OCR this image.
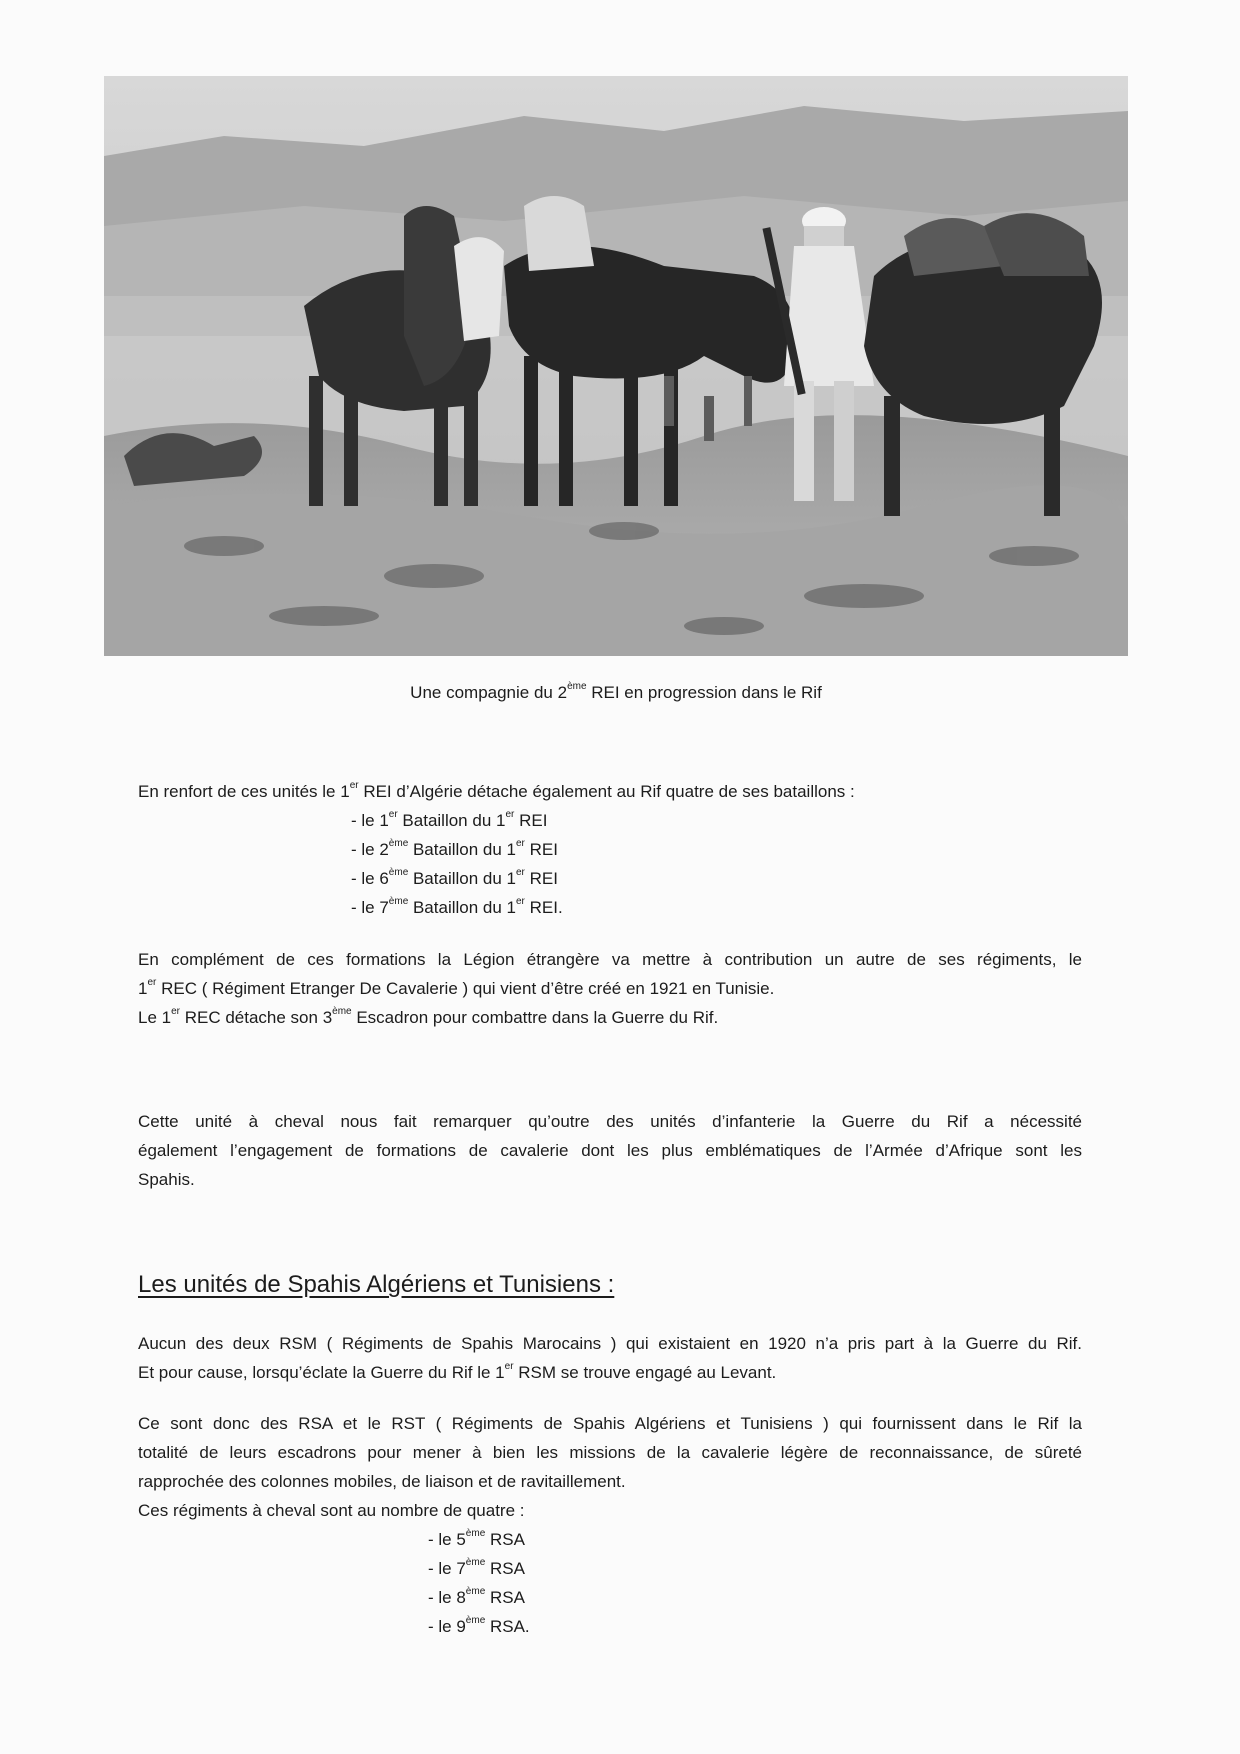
Une compagnie du 2ème REI en progression dans le Rif
En renfort de ces unités le 1er REI d’Algérie détache également au Rif quatre de ses bataillons :
- le 1er Bataillon du 1er REI
- le 2ème Bataillon du 1er REI
- le 6ème Bataillon du 1er REI
- le 7ème Bataillon du 1er REI.
En complément de ces formations la Légion étrangère va mettre à contribution un autre de ses régiments, le
1er REC ( Régiment Etranger De Cavalerie ) qui vient d’être créé en 1921 en Tunisie.
Le 1er REC détache son 3ème Escadron pour combattre dans la Guerre du Rif.
Cette unité à cheval nous fait remarquer qu’outre des unités d’infanterie la Guerre du Rif a nécessité
également l’engagement de formations de cavalerie dont les plus emblématiques de l’Armée d’Afrique sont les
Spahis.
Les unités de Spahis Algériens et Tunisiens :
Aucun des deux RSM ( Régiments de Spahis Marocains ) qui existaient en 1920 n’a pris part à la Guerre du Rif.
Et pour cause, lorsqu’éclate la Guerre du Rif le 1er RSM se trouve engagé au Levant.
Ce sont donc des RSA et le RST ( Régiments de Spahis Algériens et Tunisiens ) qui fournissent dans le Rif la
totalité de leurs escadrons pour mener à bien les missions de la cavalerie légère de reconnaissance, de sûreté
rapprochée des colonnes mobiles, de liaison et de ravitaillement.
Ces régiments à cheval sont au nombre de quatre :
- le 5ème RSA
- le 7ème RSA
- le 8ème RSA
- le 9ème RSA.
